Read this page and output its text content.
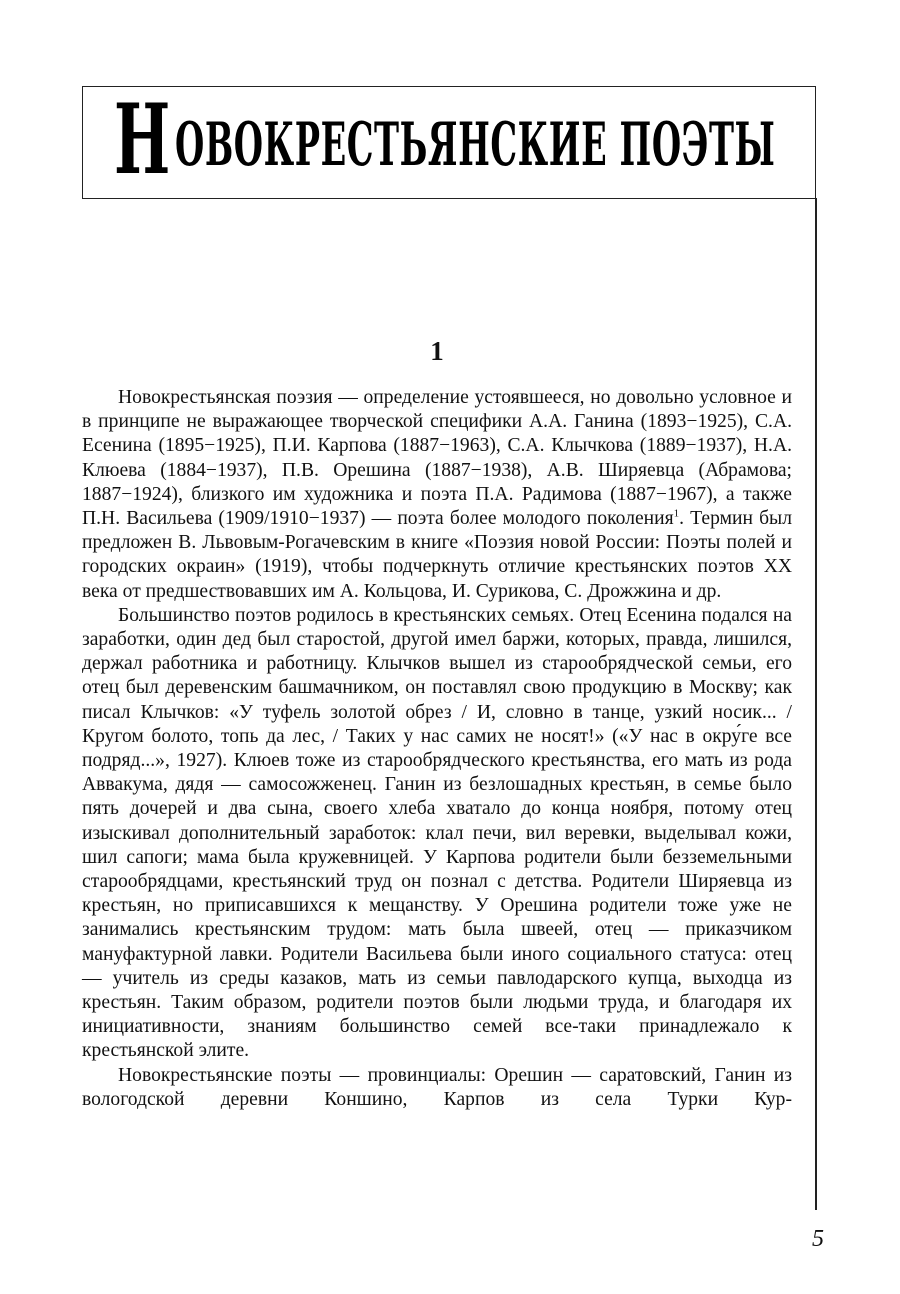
НОВОКРЕСТЬЯНСКИЕ ПОЭТЫ
1

Новокрестьянская поэзия — определение устоявшееся, но довольно условное и в принципе не выражающее творческой специфики А.А. Ганина (1893−1925), С.А. Есенина (1895−1925), П.И. Карпова (1887−1963), С.А. Клычкова (1889−1937), Н.А. Клюева (1884−1937), П.В. Орешина (1887−1938), А.В. Ширяевца (Абрамова; 1887−1924), близкого им художника и поэта П.А. Радимова (1887−1967), а также П.Н. Васильева (1909/1910−1937) — поэта более молодого поколения$^1$. Термин был предложен В. Львовым-Рогачевским в книге «Поэзия новой России: Поэты полей и городских окраин» (1919), чтобы подчеркнуть отличие крестьянских поэтов XX века от предшествовавших им А. Кольцова, И. Сурикова, С. Дрожжина и др.

Большинство поэтов родилось в крестьянских семьях. Отец Есенина подался на заработки, один дед был старостой, другой имел баржи, которых, правда, лишился, держал работника и работницу. Клычков вышел из старообрядческой семьи, его отец был деревенским башмачником, он поставлял свою продукцию в Москву; как писал Клычков: «У туфель золотой обрез / И, словно в танце, узкий носик... / Кругом болото, топь да лес, / Таких у нас самих не носят!» («У нас в окру́ге все подряд...», 1927). Клюев тоже из старообрядческого крестьянства, его мать из рода Аввакума, дядя — самосожженец. Ганин из безлошадных крестьян, в семье было пять дочерей и два сына, своего хлеба хватало до конца ноября, потому отец изыскивал дополнительный заработок: клал печи, вил веревки, выделывал кожи, шил сапоги; мама была кружевницей. У Карпова родители были безземельными старообрядцами, крестьянский труд он познал с детства. Родители Ширяевца из крестьян, но приписавшихся к мещанству. У Орешина родители тоже уже не занимались крестьянским трудом: мать была швеей, отец — приказчиком мануфактурной лавки. Родители Васильева были иного социального статуса: отец — учитель из среды казаков, мать из семьи павлодарского купца, выходца из крестьян. Таким образом, родители поэтов были людьми труда, и благодаря их инициативности, знаниям большинство семей все-таки принадлежало к крестьянской элите.

Новокрестьянские поэты — провинциалы: Орешин — саратовский, Ганин из вологодской деревни Коншино, Карпов из села Турки Кур-

5
